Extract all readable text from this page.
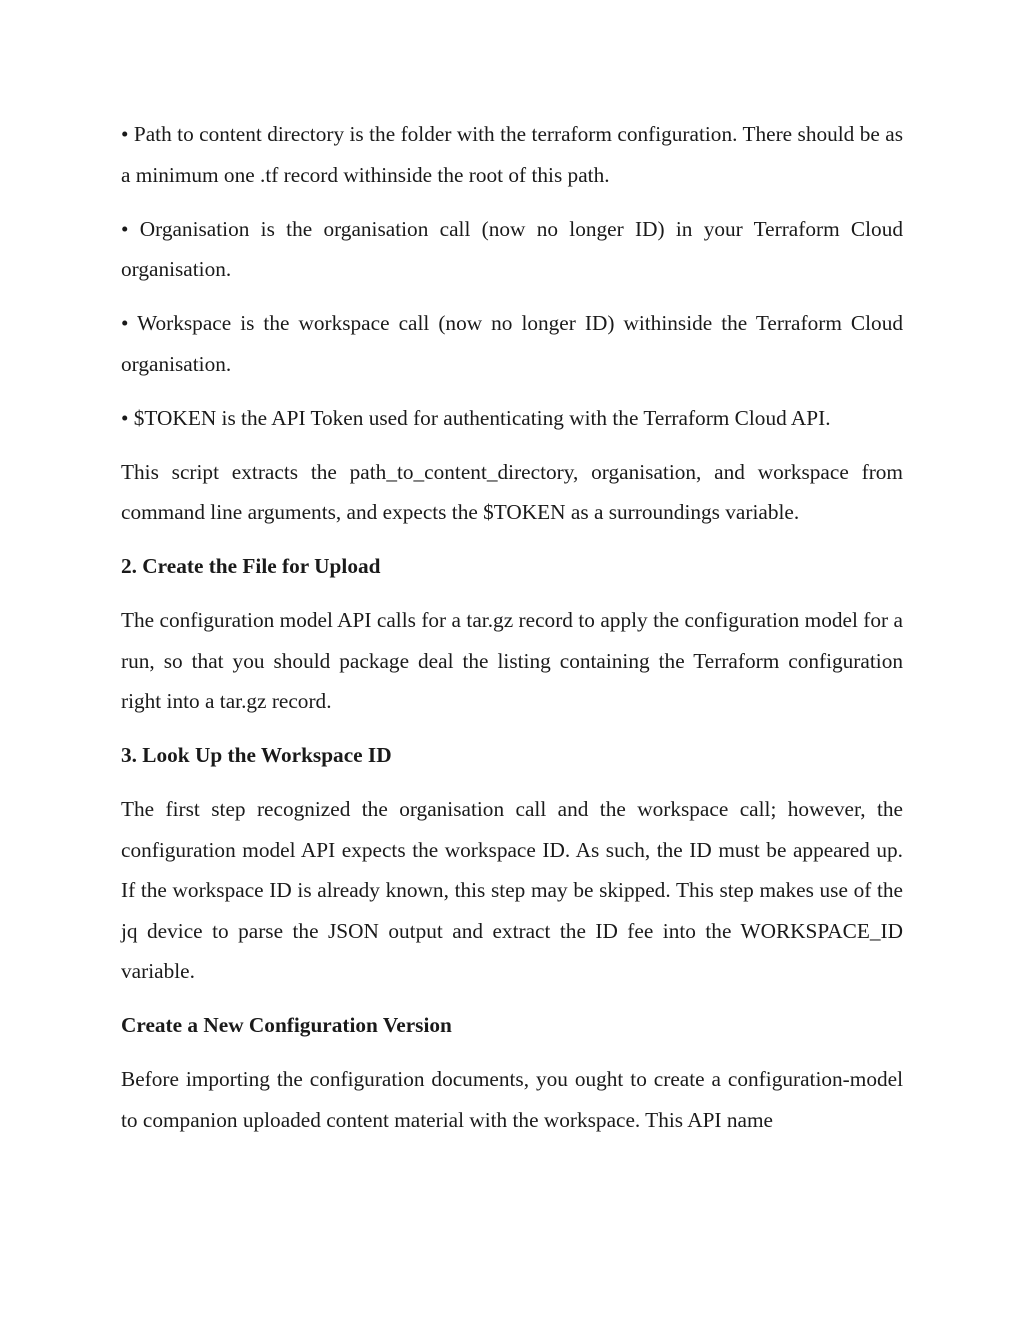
• Path to content directory is the folder with the terraform configuration. There should be as a minimum one .tf record withinside the root of this path.

• Organisation is the organisation call (now no longer ID) in your Terraform Cloud organisation.

• Workspace is the workspace call (now no longer ID) withinside the Terraform Cloud organisation.

• $TOKEN is the API Token used for authenticating with the Terraform Cloud API.

This script extracts the path_to_content_directory, organisation, and workspace from command line arguments, and expects the $TOKEN as a surroundings variable.

2. Create the File for Upload

The configuration model API calls for a tar.gz record to apply the configuration model for a run, so that you should package deal the listing containing the Terraform configuration right into a tar.gz record.

3. Look Up the Workspace ID

The first step recognized the organisation call and the workspace call; however, the configuration model API expects the workspace ID. As such, the ID must be appeared up. If the workspace ID is already known, this step may be skipped. This step makes use of the jq device to parse the JSON output and extract the ID fee into the WORKSPACE_ID variable.

Create a New Configuration Version

Before importing the configuration documents, you ought to create a configuration-model to companion uploaded content material with the workspace. This API name
